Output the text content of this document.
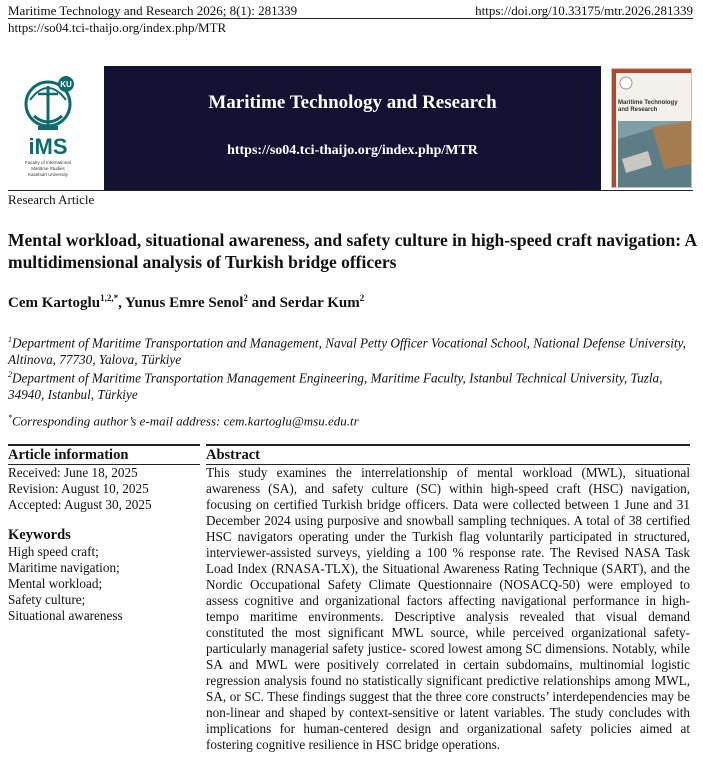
Maritime Technology and Research 2026; 8(1): 281339	https://doi.org/10.33175/mtr.2026.281339
https://so04.tci-thaijo.org/index.php/MTR
KU
iMS
Faculty of International
Maritime Studies
Kasetsart University
Maritime Technology and Research
https://so04.tci-thaijo.org/index.php/MTR
Maritime Technology
and Research
Research Article
Mental workload, situational awareness, and safety culture in high-speed craft navigation: A multidimensional analysis of Turkish bridge officers
Cem Kartoglu$^{1,2,*}$, Yunus Emre Senol$^2$ and Serdar Kum$^2$
$^1$Department of Maritime Transportation and Management, Naval Petty Officer Vocational School, National Defense University, Altinova, 77730, Yalova, Türkiye
$^2$Department of Maritime Transportation Management Engineering, Maritime Faculty, Istanbul Technical University, Tuzla, 34940, Istanbul, Türkiye
*Corresponding author’s e-mail address: cem.kartoglu@msu.edu.tr
Article information
Received: June 18, 2025
Revision: August 10, 2025
Accepted: August 30, 2025
Keywords
High speed craft;
Maritime navigation;
Mental workload;
Safety culture;
Situational awareness
Abstract
This study examines the interrelationship of mental workload (MWL), situational awareness (SA), and safety culture (SC) within high-speed craft (HSC) navigation, focusing on certified Turkish bridge officers. Data were collected between 1 June and 31 December 2024 using purposive and snowball sampling techniques. A total of 38 certified HSC navigators operating under the Turkish flag voluntarily participated in structured, interviewer-assisted surveys, yielding a 100 % response rate. The Revised NASA Task Load Index (RNASA-TLX), the Situational Awareness Rating Technique (SART), and the Nordic Occupational Safety Climate Questionnaire (NOSACQ-50) were employed to assess cognitive and organizational factors affecting navigational performance in high-tempo maritime environments. Descriptive analysis revealed that visual demand constituted the most significant MWL source, while perceived organizational safety- particularly managerial safety justice- scored lowest among SC dimensions. Notably, while SA and MWL were positively correlated in certain subdomains, multinomial logistic regression analysis found no statistically significant predictive relationships among MWL, SA, or SC. These findings suggest that the three core constructs’ interdependencies may be non-linear and shaped by context-sensitive or latent variables. The study concludes with implications for human-centered design and organizational safety policies aimed at fostering cognitive resilience in HSC bridge operations.
